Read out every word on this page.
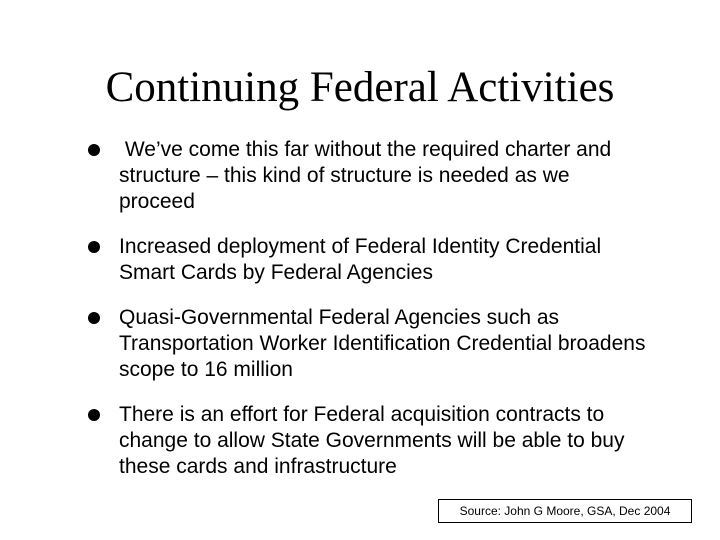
Continuing Federal Activities
We’ve come this far without the required charter and structure – this kind of structure is needed as we proceed
Increased deployment of Federal Identity Credential Smart Cards by Federal Agencies
Quasi-Governmental Federal Agencies such as Transportation Worker Identification Credential broadens scope to 16 million
There is an effort for Federal acquisition contracts to change to allow State Governments will be able to buy these cards and infrastructure
Source: John G Moore, GSA, Dec 2004
